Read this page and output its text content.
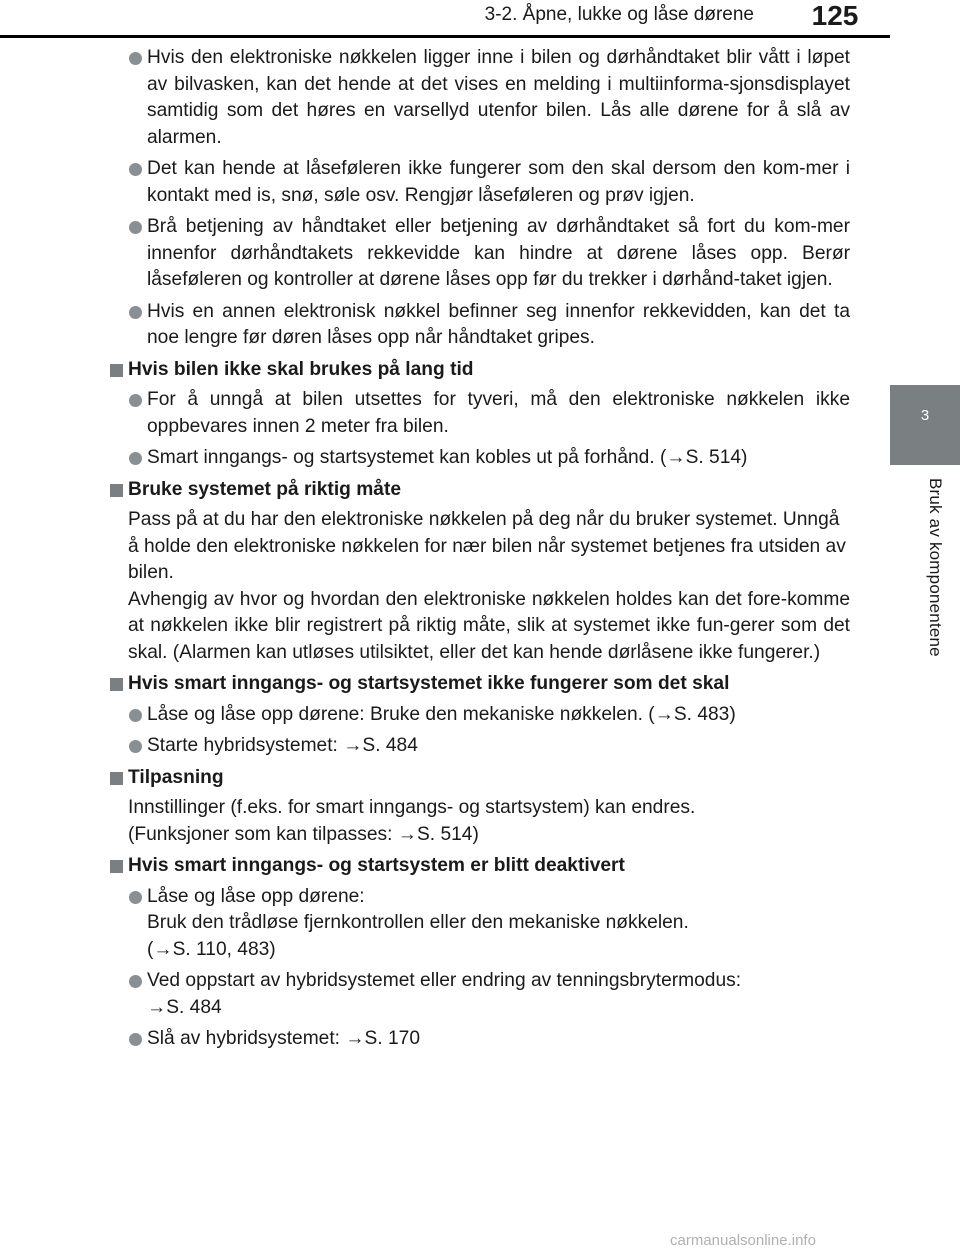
3-2. Åpne, lukke og låse dørene	125
3
Bruk av komponentene
Hvis den elektroniske nøkkelen ligger inne i bilen og dørhåndtaket blir vått i løpet av bilvasken, kan det hende at det vises en melding i multiinforma-sjonsdisplayet samtidig som det høres en varsellyd utenfor bilen. Lås alle dørene for å slå av alarmen.
Det kan hende at låseføleren ikke fungerer som den skal dersom den kom-mer i kontakt med is, snø, søle osv. Rengjør låseføleren og prøv igjen.
Brå betjening av håndtaket eller betjening av dørhåndtaket så fort du kom-mer innenfor dørhåndtakets rekkevidde kan hindre at dørene låses opp. Berør låseføleren og kontroller at dørene låses opp før du trekker i dørhånd-taket igjen.
Hvis en annen elektronisk nøkkel befinner seg innenfor rekkevidden, kan det ta noe lengre før døren låses opp når håndtaket gripes.
Hvis bilen ikke skal brukes på lang tid
For å unngå at bilen utsettes for tyveri, må den elektroniske nøkkelen ikke oppbevares innen 2 meter fra bilen.
Smart inngangs- og startsystemet kan kobles ut på forhånd. (→S. 514)
Bruke systemet på riktig måte

Pass på at du har den elektroniske nøkkelen på deg når du bruker systemet. Unngå å holde den elektroniske nøkkelen for nær bilen når systemet betjenes fra utsiden av bilen.

Avhengig av hvor og hvordan den elektroniske nøkkelen holdes kan det fore-komme at nøkkelen ikke blir registrert på riktig måte, slik at systemet ikke fun-gerer som det skal. (Alarmen kan utløses utilsiktet, eller det kan hende dørlåsene ikke fungerer.)

Hvis smart inngangs- og startsystemet ikke fungerer som det skal
Låse og låse opp dørene: Bruke den mekaniske nøkkelen. (→S. 483)
Starte hybridsystemet: →S. 484
Tilpasning

Innstillinger (f.eks. for smart inngangs- og startsystem) kan endres.

(Funksjoner som kan tilpasses: →S. 514)

Hvis smart inngangs- og startsystem er blitt deaktivert
Låse og låse opp dørene:
Bruk den trådløse fjernkontrollen eller den mekaniske nøkkelen.
(→S. 110, 483)
Ved oppstart av hybridsystemet eller endring av tenningsbrytermodus:
→S. 484
Slå av hybridsystemet: →S. 170
carmanualsonline.info
